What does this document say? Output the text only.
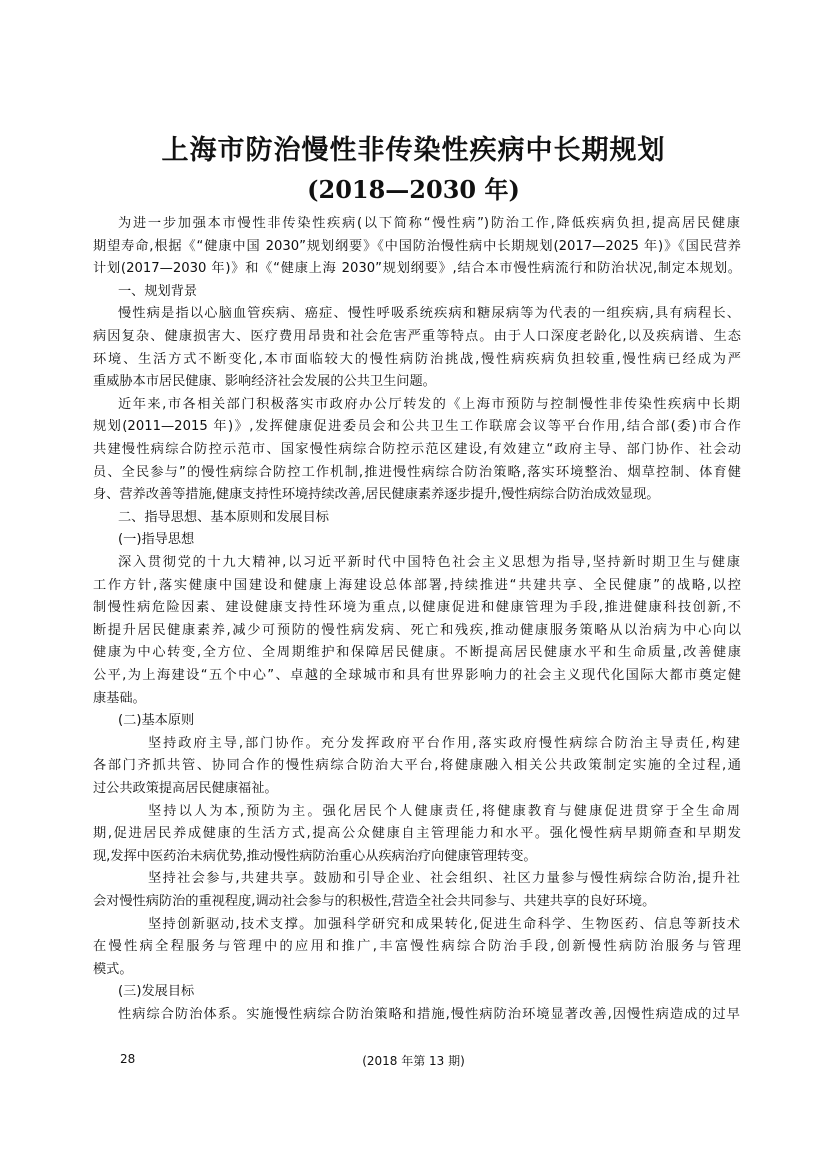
上海市防治慢性非传染性疾病中长期规划
(2018—2030 年)

为进一步加强本市慢性非传染性疾病(以下简称“慢性病”)防治工作,降低疾病负担,提高居民健康

期望寿命,根据《“健康中国 2030”规划纲要》《中国防治慢性病中长期规划(2017—2025 年)》《国民营养

计划(2017—2030 年)》和《“健康上海 2030”规划纲要》,结合本市慢性病流行和防治状况,制定本规划。

一、规划背景

慢性病是指以心脑血管疾病、癌症、慢性呼吸系统疾病和糖尿病等为代表的一组疾病,具有病程长、

病因复杂、健康损害大、医疗费用昂贵和社会危害严重等特点。由于人口深度老龄化,以及疾病谱、生态

环境、生活方式不断变化,本市面临较大的慢性病防治挑战,慢性病疾病负担较重,慢性病已经成为严

重威胁本市居民健康、影响经济社会发展的公共卫生问题。

近年来,市各相关部门积极落实市政府办公厅转发的《上海市预防与控制慢性非传染性疾病中长期

规划(2011—2015 年)》,发挥健康促进委员会和公共卫生工作联席会议等平台作用,结合部(委)市合作

共建慢性病综合防控示范市、国家慢性病综合防控示范区建设,有效建立“政府主导、部门协作、社会动

员、全民参与”的慢性病综合防控工作机制,推进慢性病综合防治策略,落实环境整治、烟草控制、体育健

身、营养改善等措施,健康支持性环境持续改善,居民健康素养逐步提升,慢性病综合防治成效显现。

二、指导思想、基本原则和发展目标

(一)指导思想

深入贯彻党的十九大精神,以习近平新时代中国特色社会主义思想为指导,坚持新时期卫生与健康

工作方针,落实健康中国建设和健康上海建设总体部署,持续推进“共建共享、全民健康”的战略,以控

制慢性病危险因素、建设健康支持性环境为重点,以健康促进和健康管理为手段,推进健康科技创新,不

断提升居民健康素养,减少可预防的慢性病发病、死亡和残疾,推动健康服务策略从以治病为中心向以

健康为中心转变,全方位、全周期维护和保障居民健康。不断提高居民健康水平和生命质量,改善健康

公平,为上海建设“五个中心”、卓越的全球城市和具有世界影响力的社会主义现代化国际大都市奠定健

康基础。

(二)基本原则

坚持政府主导,部门协作。充分发挥政府平台作用,落实政府慢性病综合防治主导责任,构建

各部门齐抓共管、协同合作的慢性病综合防治大平台,将健康融入相关公共政策制定实施的全过程,通

过公共政策提高居民健康福祉。

坚持以人为本,预防为主。强化居民个人健康责任,将健康教育与健康促进贯穿于全生命周

期,促进居民养成健康的生活方式,提高公众健康自主管理能力和水平。强化慢性病早期筛查和早期发

现,发挥中医药治未病优势,推动慢性病防治重心从疾病治疗向健康管理转变。

坚持社会参与,共建共享。鼓励和引导企业、社会组织、社区力量参与慢性病综合防治,提升社

会对慢性病防治的重视程度,调动社会参与的积极性,营造全社会共同参与、共建共享的良好环境。

坚持创新驱动,技术支撑。加强科学研究和成果转化,促进生命科学、生物医药、信息等新技术

在慢性病全程服务与管理中的应用和推广,丰富慢性病综合防治手段,创新慢性病防治服务与管理

模式。

28

(三)发展目标

性病综合防治体系。实施慢性病综合防治策略和措施,慢性病防治环境显著改善,因慢性病造成的过早

(2018 年第 13 期)
